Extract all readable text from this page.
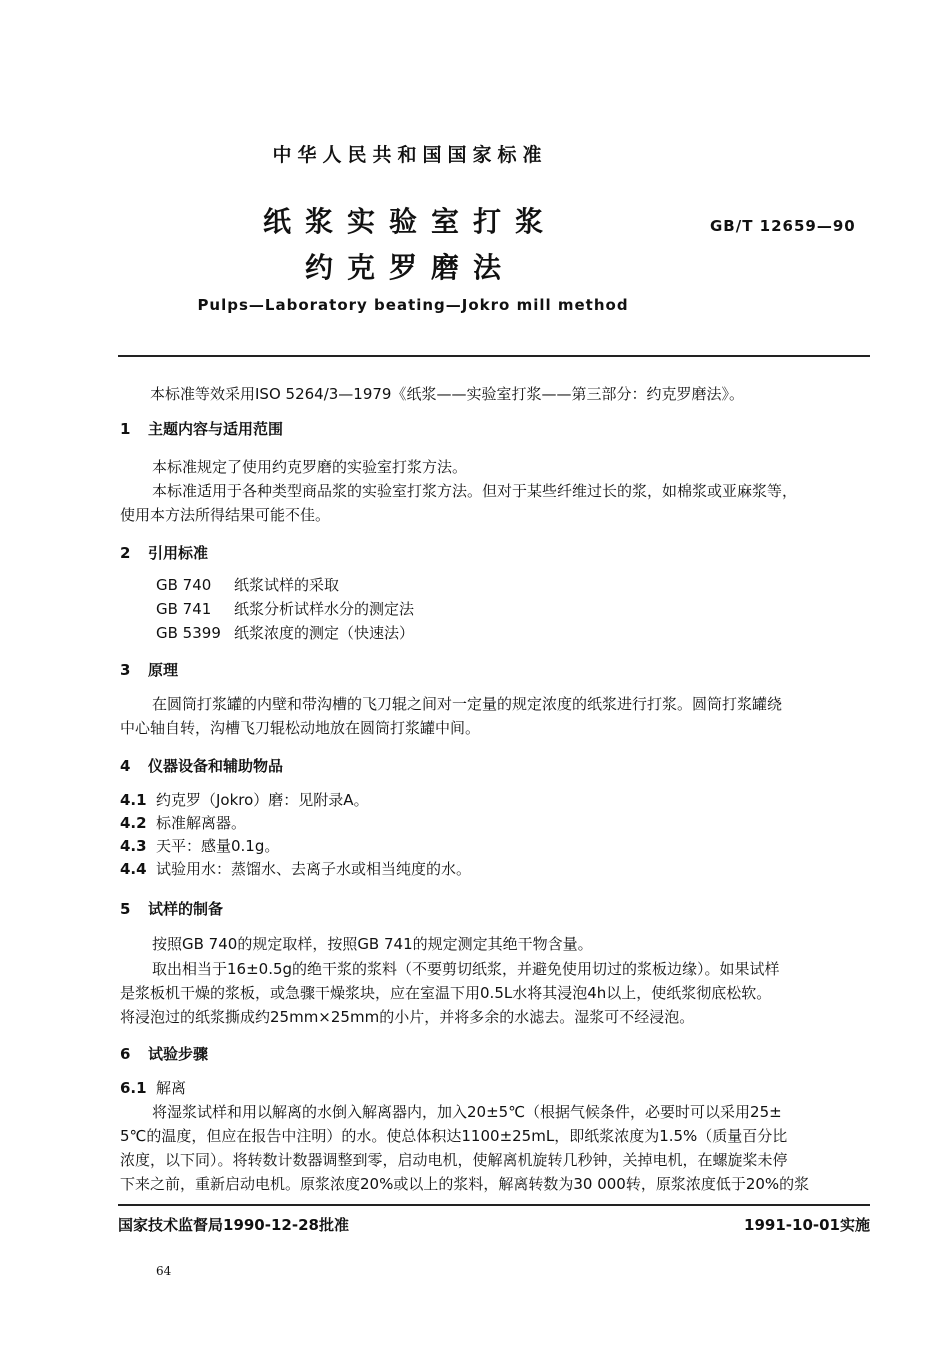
中华人民共和国国家标准
纸浆实验室打浆
约克罗磨法
GB/T 12659—90
Pulps—Laboratory beating—Jokro mill method
本标准等效采用ISO 5264/3—1979《纸浆——实验室打浆——第三部分：约克罗磨法》。
1 主题内容与适用范围
本标准规定了使用约克罗磨的实验室打浆方法。
本标准适用于各种类型商品浆的实验室打浆方法。但对于某些纤维过长的浆，如棉浆或亚麻浆等，
使用本方法所得结果可能不佳。
2 引用标准
GB 740 纸浆试样的采取
GB 741 纸浆分析试样水分的测定法
GB 5399 纸浆浓度的测定（快速法）
3 原理
在圆筒打浆罐的内壁和带沟槽的飞刀辊之间对一定量的规定浓度的纸浆进行打浆。圆筒打浆罐绕
中心轴自转，沟槽飞刀辊松动地放在圆筒打浆罐中间。
4 仪器设备和辅助物品
4.1 约克罗（Jokro）磨：见附录A。
4.2 标准解离器。
4.3 天平：感量0.1g。
4.4 试验用水：蒸馏水、去离子水或相当纯度的水。
5 试样的制备
按照GB 740的规定取样，按照GB 741的规定测定其绝干物含量。
取出相当于16±0.5g的绝干浆的浆料（不要剪切纸浆，并避免使用切过的浆板边缘）。如果试样
是浆板机干燥的浆板，或急骤干燥浆块，应在室温下用0.5L水将其浸泡4h以上，使纸浆彻底松软。
将浸泡过的纸浆撕成约25mm×25mm的小片，并将多余的水滤去。湿浆可不经浸泡。
6 试验步骤
6.1 解离
将湿浆试样和用以解离的水倒入解离器内，加入20±5℃（根据气候条件，必要时可以采用25±
5℃的温度，但应在报告中注明）的水。使总体积达1100±25mL，即纸浆浓度为1.5%（质量百分比
浓度，以下同）。将转数计数器调整到零，启动电机，使解离机旋转几秒钟，关掉电机，在螺旋桨未停
下来之前，重新启动电机。原浆浓度20%或以上的浆料，解离转数为30 000转，原浆浓度低于20%的浆
国家技术监督局1990-12-28批准	1991-10-01实施
64
